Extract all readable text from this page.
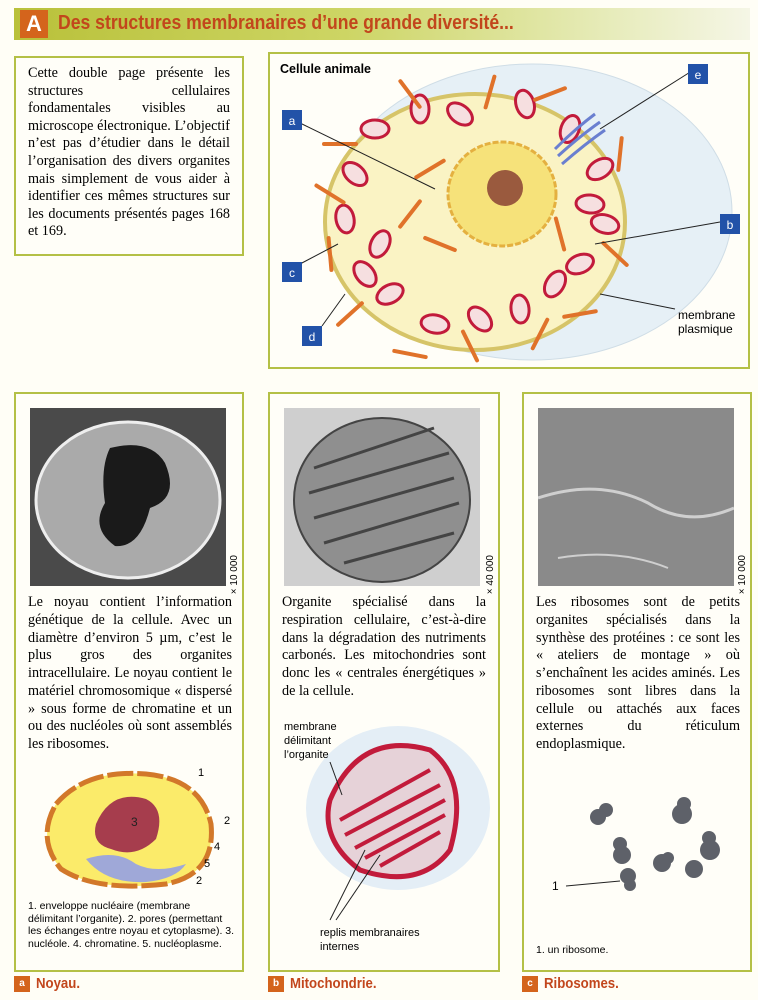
A Des structures membranaires d’une grande diversité...

Cette double page présente les structures cellulaires fondamentales visibles au microscope électronique. L’objectif n’est pas d’étudier dans le détail l’organisation des divers organites mais simplement de vous aider à identifier ces mêmes structures sur les documents présentés pages 168 et 169.

Cellule animale
a
e
b
c
d
membrane
plasmique
× 10 000

Le noyau contient l’information génétique de la cellule. Avec un diamètre d’environ 5 µm, c’est le plus gros des organites intracellulaire. Le noyau contient le matériel chromosomique « dispersé » sous forme de chromatine et un ou des nucléoles où sont assemblés les ribosomes.

3
1
2
4
5
2

1. enveloppe nucléaire (membrane délimitant l’organite). 2. pores (permettant les échanges entre noyau et cytoplasme). 3. nucléole. 4. chromatine. 5. nucléoplasme.

× 40 000

Organite spécialisé dans la respiration cellulaire, c’est-à-dire dans la dégradation des nutriments carbonés. Les mitochondries sont donc les « centrales énergétiques » de la cellule.

membrane
délimitant
l’organite
replis membranaires
internes
× 10 000

Les ribosomes sont de petits organites spécialisés dans la synthèse des protéines : ce sont les « ateliers de montage » où s’enchaînent les acides aminés. Les ribosomes sont libres dans la cellule ou attachés aux faces externes du réticulum endoplasmique.

1

1. un ribosome.

a Noyau.	b Mitochondrie.	c Ribosomes.
